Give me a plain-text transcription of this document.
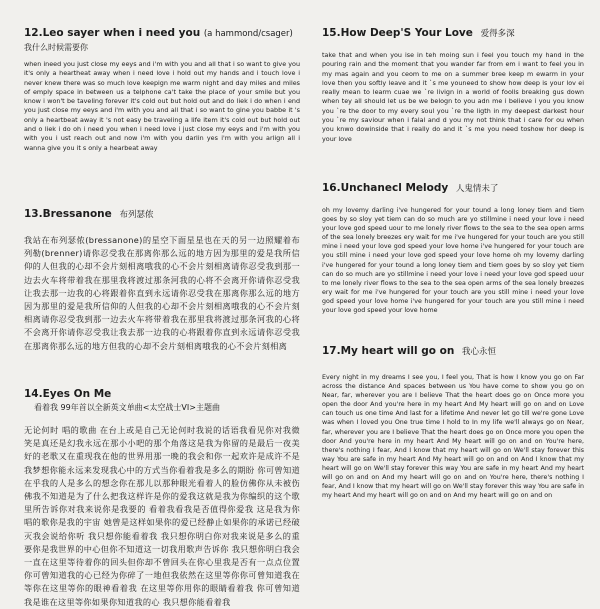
12.Leo sayer when i need you (a hammond/csager)
我什么时候需要你
when ineed you just close my eeys and i'm with you and all that i so want to give you it's only a heartheat away when i need love i hold out my hands and i touch love i never knew there was so much love keepign me warm night and day miles and miles of emply space in between us a telphone ca't take the place of your smile but you know i won't be taveling forever it's cold out but hold out and do liek i do when i end you just close my eeys and i'm with you and all that i so want to gine you babbe it 's only a heartbeat away it 's not easy be traveling a life item it's cold out but hold out and o liek i do oh i need you when i need love i just close my eeys and i'm with you with you i ust reach out and now i'm with you darlin yes i'm with you arlign all i wanna give you it s only a hearbeat away
13.Bressanone 布列瑟侬
我站在布列瑟侬(bressanone)的星空下面星星也在天的另一边照耀着布列勒(brenner)请你忍受我在那离你那么远的地方因为那里的爱是我所信仰的人但我的心却不会片刻相离哦我的心不会片刻相离请你忍受我到那一边去火车将带着我在那里我将渡过那条河我的心将不会离开你请你忍受我让我去那一边我的心将跟着你直到永远请你忍受我在那离你那么远的地方因为那里的爱是我所信仰的人但我的心却不会片刻相离哦我的心不会片刻相离请你忍受我到那一边去火车将带着我在那里我将渡过那条河我的心将不会离开你请你忍受我让我去那一边我的心将跟着你直到永远请你忍受我在那离你那么远的地方但我的心却不会片刻相离哦我的心不会片刻相离
14.Eyes On Me
看着我 99年首以全新英文单曲<太空战士VI>主题曲
无论何时 唱的歌曲 在台上或是自己无论何时我说的话语我看见你对我微笑是真还是幻我永远在那小小吧的那个角落这是我为你留的是最后一夜美好的老歌又在重现我在他的世界用那一晚的我会和你一起欢许是成许不是我梦想你能永远来发现我心中的方式当你看着我是多么的期盼 你可曾知道在乎我的人是多么的想念你在那儿以那种眼光看着人的脸仿佛你从未被伤佛我不知道是为了什么把我这样许是你的爱我这就是我为你编织的这个歌里所告诉你对我来说你是我要的 看着我看我是否值得你爱我 这是我为你唱的歌你是我的宇宙 她曾是这样如果你的爱已经静止如果你的承诺已经破灭我会说给你听 我只想你能看着我 我只想你明白你对我来说是多么的重要你是我世界的中心但你不知道这一切我用歌声告诉你 我只想你明白我会一直在这里等待着你的回头但你却不曾回头在你心里我是否有一点点位置 你可曾知道我的心已经为你碎了一地但我依然在这里等你你可曾知道我在等你在这里等你的眼神看着我 在这里等你用你的眼睛看着我 你可曾知道我是谁在这里等你如果你知道我的心 我只想你能看着我
15.How Deep'S Your Love 爱得多深
take that and when you ise in teh moing sun i feel you touch my hand in the pouring rain and the moment that you wander far from em i want to feel you in my mas again and you ceom to me on a summer bree keep m ewarm in your love then you softly leave and it `s me youneed to show how deep is your lov ei really mean to learm cuae we `re livign in a world of foolls breaking gus down when tey all should let us be we belogn to you adn me i believe i you you know you `re the door to my every soul you `re the ligth in my deepest darkest hour you `re my saviour when i falal and d you my not think that i care for ou when you knwo dowinside that i really do and it `s me you need toshow hor deep is your love
16.Unchanecl Melody 人鬼情未了
oh my lovemy darling i've hungered for your tound a long loney tiem and tiem goes by so sloy yet tiem can do so much are yo stillmine i need your love i need your love god speed uour to me lonely river flows to the sea to the sea open arms of the sea lonely breezes ery wait for me i've hungered for your touch are you still mine i need your love god speed your love home i've hungered for your touch are you still mine i need your love god speed your love home oh my lovemy darling i've hungered for your tound a long loney tiem and tiem goes by so sloy yet tiem can do so much are yo stillmine i need your love i need your love god speed uour to me lonely river flows to the sea to the sea open arms of the sea lonely breezes ery wait for me i've hungered for your touch are you still mine i need your love god speed your love home i've hungered for your touch are you still mine i need your love god speed your love home
17.My heart will go on 我心永恒
Every night in my dreams I see you, I feel you, That is how I know you go on Far across the distance And spaces between us You have come to show you go on Near, far, wherever you are I believe That the heart does go on Once more you open the door And you're here in my heart And My heart will go on and on Love can touch us one time And last for a lifetime And never let go till we're gone Love was when I loved you One true time I hold to In my life we'll always go on Near, far, wherever you are I believe That the heart does go on Once more you open the door And you're here in my heart And My heart will go on and on You're here, there's nothing I fear, And I know that my heart will go on We'll stay forever this way You are safe in my heart And My heart will go on and on And I know that my heart will go on We'll stay forever this way You are safe in my heart And my heart will go on and on And my heart will go on and on You're here, there's nothing I fear, And I know that my heart will go on We'll stay forever this way You are safe in my heart And my heart will go on and on And my heart will go on and on
